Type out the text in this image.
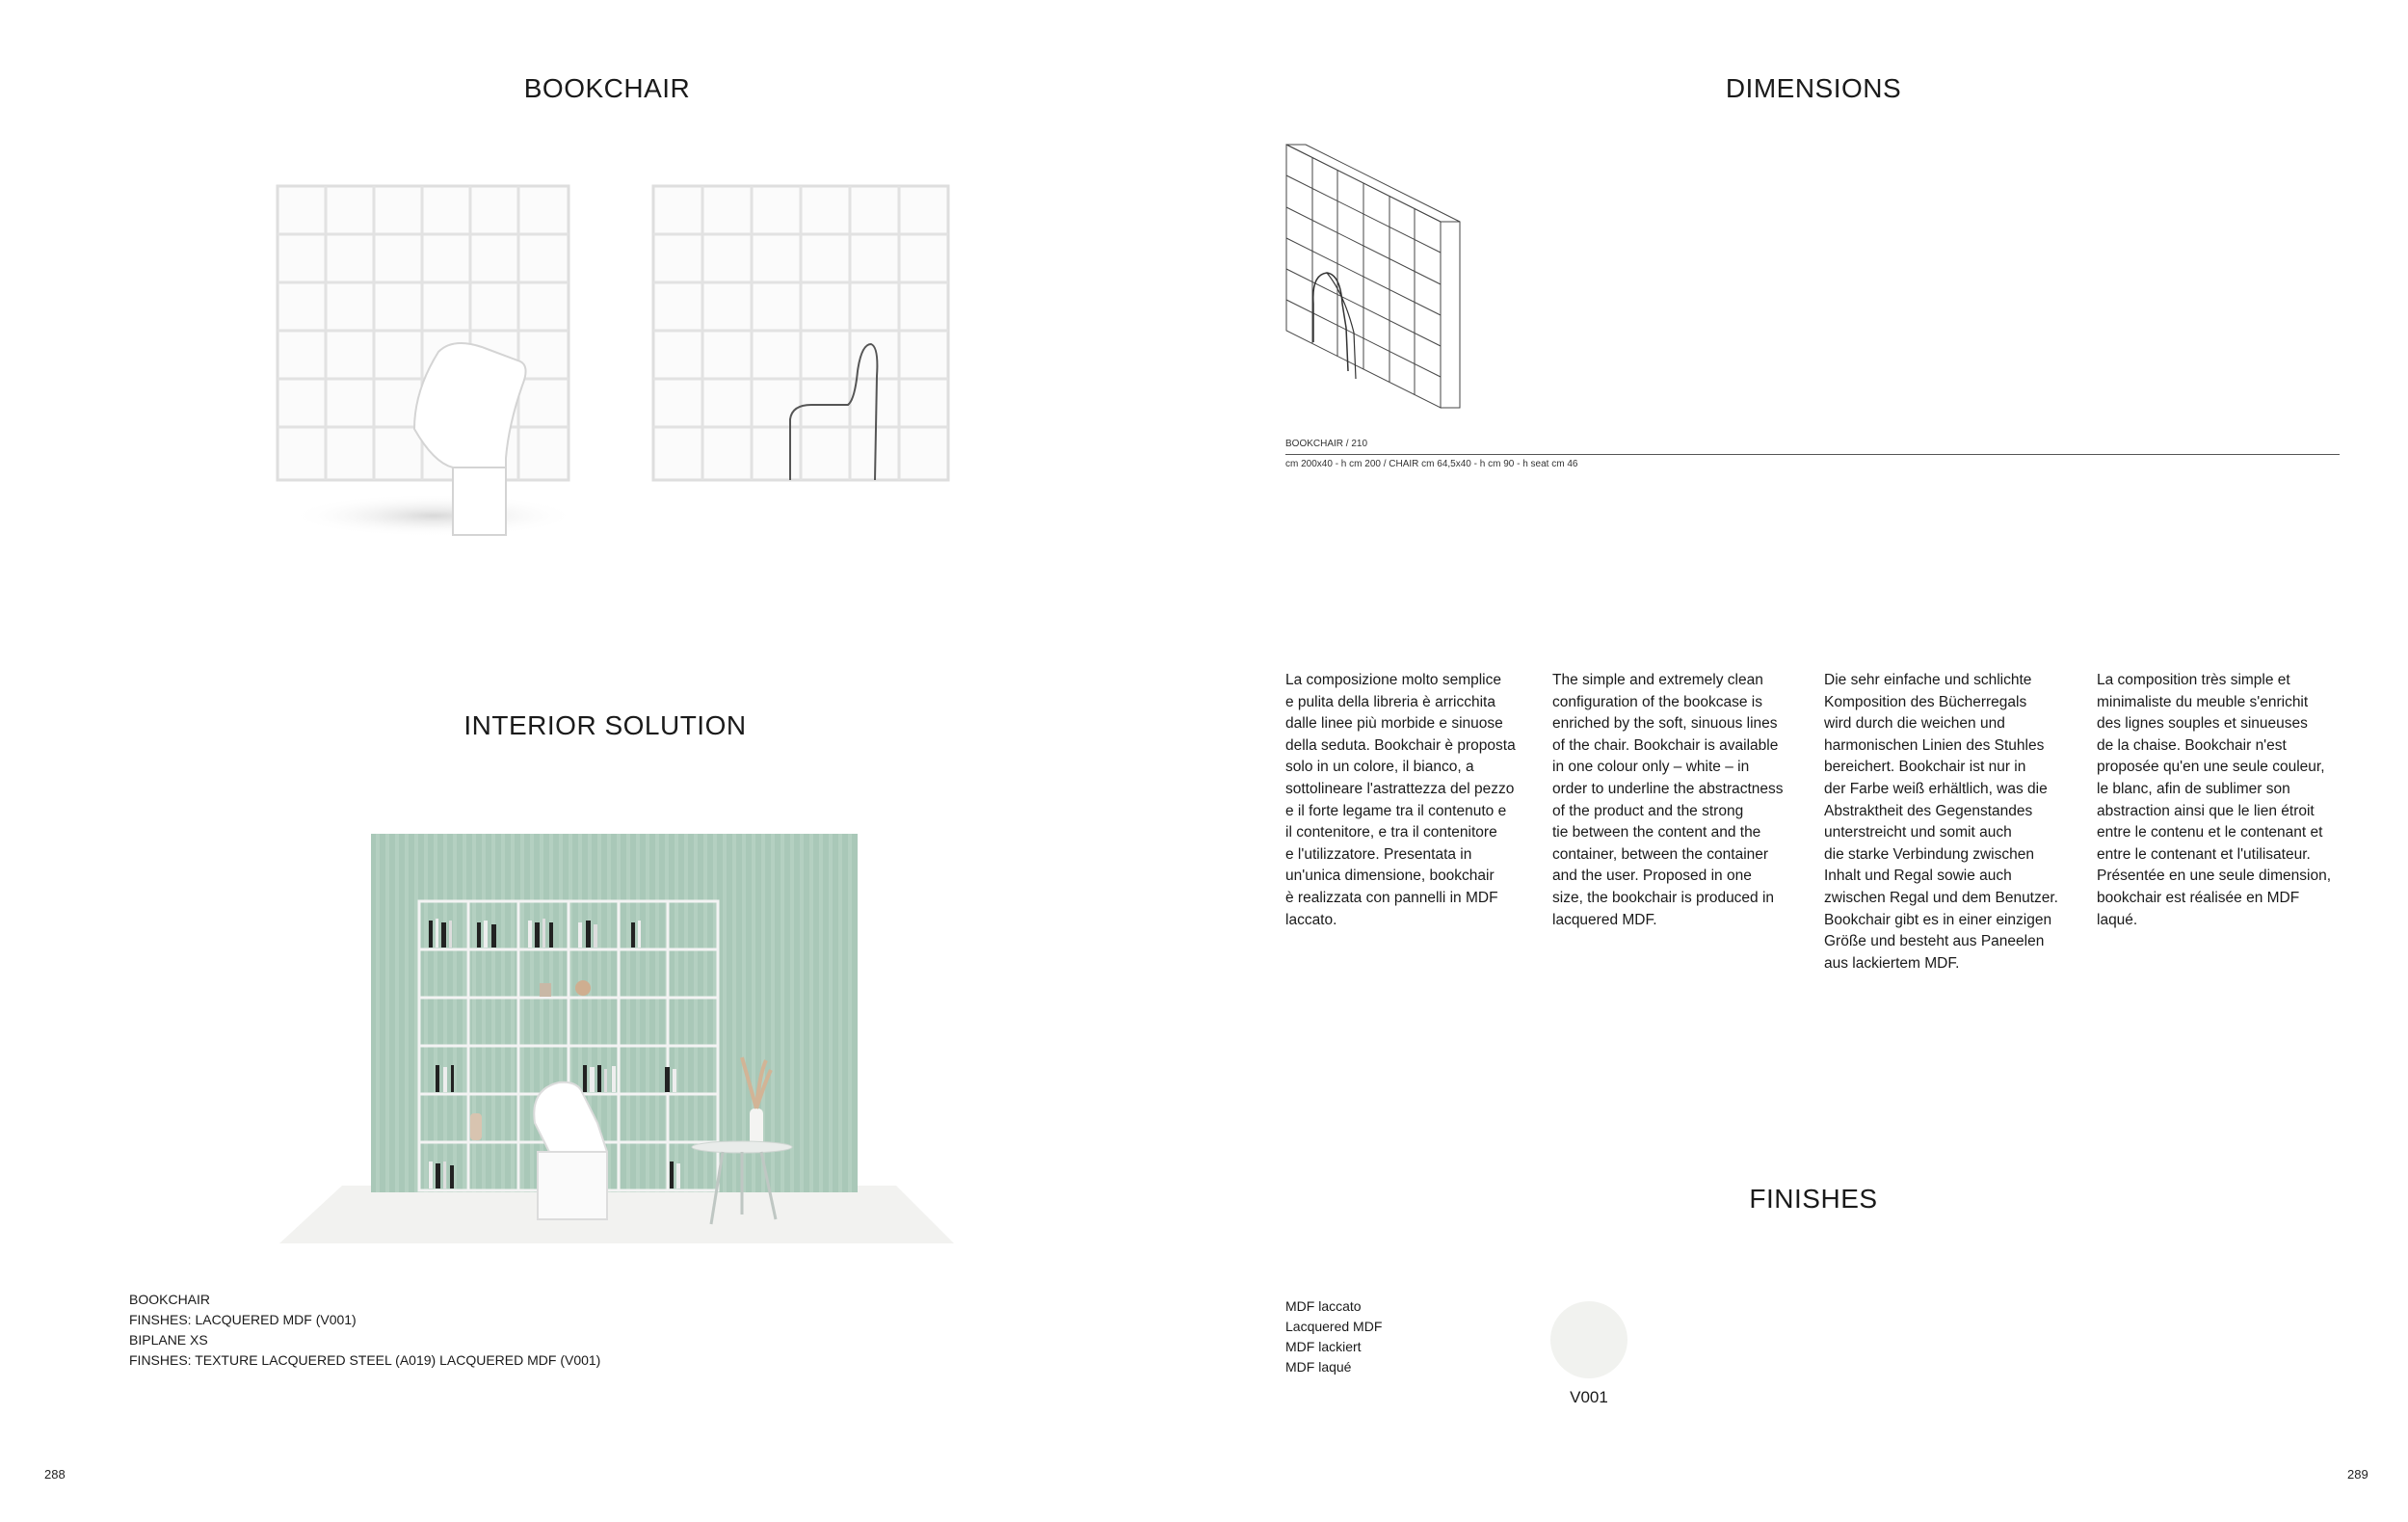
BOOKCHAIR
INTERIOR SOLUTION
BOOKCHAIR
FINSHES: LACQUERED MDF (V001)
BIPLANE XS
FINSHES: TEXTURE LACQUERED STEEL (A019) LACQUERED MDF (V001)
288
DIMENSIONS
BOOKCHAIR / 210
cm 200x40 - h cm 200 / CHAIR cm 64,5x40 - h cm 90 - h seat cm 46
La composizione molto semplice
e pulita della libreria è arricchita
dalle linee più morbide e sinuose
della seduta. Bookchair è proposta
solo in un colore, il bianco, a
sottolineare l'astrattezza del pezzo
e il forte legame tra il contenuto e
il contenitore, e tra il contenitore
e l'utilizzatore. Presentata in
un'unica dimensione, bookchair
è realizzata con pannelli in MDF
laccato.
The simple and extremely clean
configuration of the bookcase is
enriched by the soft, sinuous lines
of the chair. Bookchair is available
in one colour only – white – in
order to underline the abstractness
of the product and the strong
tie between the content and the
container, between the container
and the user. Proposed in one
size, the bookchair is produced in
lacquered MDF.
Die sehr einfache und schlichte
Komposition des Bücherregals
wird durch die weichen und
harmonischen Linien des Stuhles
bereichert. Bookchair ist nur in
der Farbe weiß erhältlich, was die
Abstraktheit des Gegenstandes
unterstreicht und somit auch
die starke Verbindung zwischen
Inhalt und Regal sowie auch
zwischen Regal und dem Benutzer.
Bookchair gibt es in einer einzigen
Größe und besteht aus Paneelen
aus lackiertem MDF.
La composition très simple et
minimaliste du meuble s'enrichit
des lignes souples et sinueuses
de la chaise. Bookchair n'est
proposée qu'en une seule couleur,
le blanc, afin de sublimer son
abstraction ainsi que le lien étroit
entre le contenu et le contenant et
entre le contenant et l'utilisateur.
Présentée en une seule dimension,
bookchair est réalisée en MDF
laqué.
FINISHES
MDF laccato
Lacquered MDF
MDF lackiert
MDF laqué
V001
289
